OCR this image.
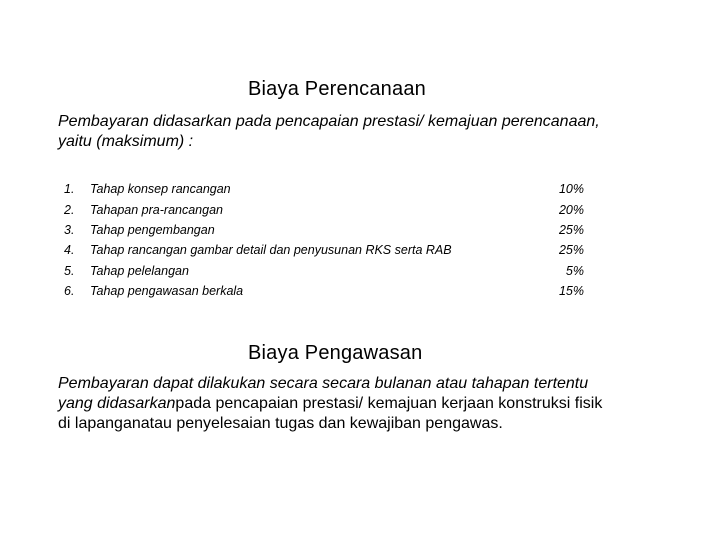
Biaya Perencanaan
Pembayaran didasarkan pada pencapaian prestasi/ kemajuan perencanaan,
yaitu (maksimum) :
1.	Tahap konsep rancangan	10%
2.	Tahapan pra-rancangan	20%
3.	Tahap pengembangan	25%
4.	Tahap rancangan gambar detail dan penyusunan RKS serta RAB	25%
5.	Tahap pelelangan	5%
6.	Tahap pengawasan berkala	15%
Biaya Pengawasan
Pembayaran dapat dilakukan secara secara bulanan atau tahapan tertentu
yang didasarkanpada pencapaian prestasi/ kemajuan kerjaan konstruksi fisik
di lapanganatau penyelesaian tugas dan kewajiban pengawas.
